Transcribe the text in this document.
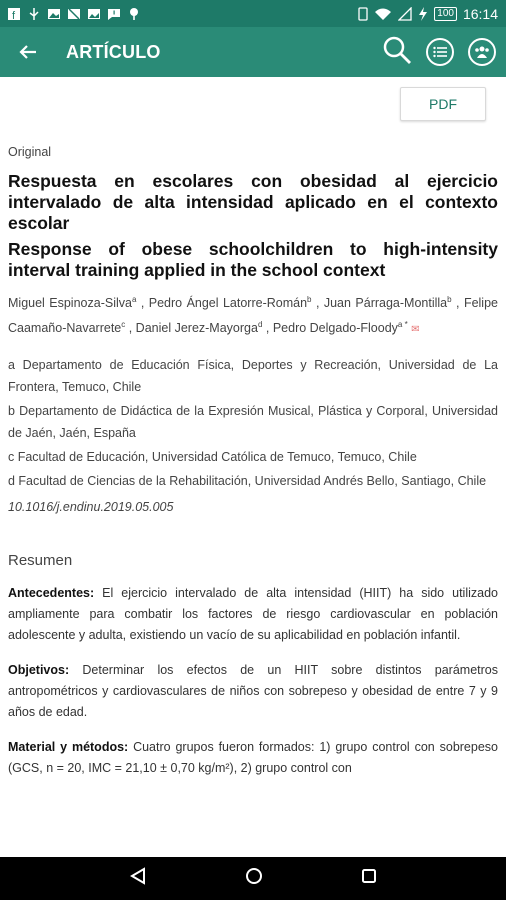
f	100 16:14
ARTÍCULO
PDF
Original
Respuesta en escolares con obesidad al ejercicio intervalado de alta intensidad aplicado en el contexto escolar
Response of obese schoolchildren to high-intensity interval training applied in the school context
Miguel Espinoza-Silva$^a$ , Pedro Ángel Latorre-Román$^b$ , Juan Párraga-Montilla$^b$ , Felipe Caamaño-Navarrete$^c$ , Daniel Jerez-Mayorga$^d$ , Pedro Delgado-Floody$^{a *}$ ✉
a Departamento de Educación Física, Deportes y Recreación, Universidad de La Frontera, Temuco, Chile
b Departamento de Didáctica de la Expresión Musical, Plástica y Corporal, Universidad de Jaén, Jaén, España
c Facultad de Educación, Universidad Católica de Temuco, Temuco, Chile
d Facultad de Ciencias de la Rehabilitación, Universidad Andrés Bello, Santiago, Chile
10.1016/j.endinu.2019.05.005
Resumen

Antecedentes: El ejercicio intervalado de alta intensidad (HIIT) ha sido utilizado ampliamente para combatir los factores de riesgo cardiovascular en población adolescente y adulta, existiendo un vacío de su aplicabilidad en población infantil.

Objetivos: Determinar los efectos de un HIIT sobre distintos parámetros antropométricos y cardiovasculares de niños con sobrepeso y obesidad de entre 7 y 9 años de edad.

Material y métodos: Cuatro grupos fueron formados: 1) grupo control con sobrepeso (GCS, n = 20, IMC = 21,10 ± 0,70 kg/m²), 2) grupo control con
